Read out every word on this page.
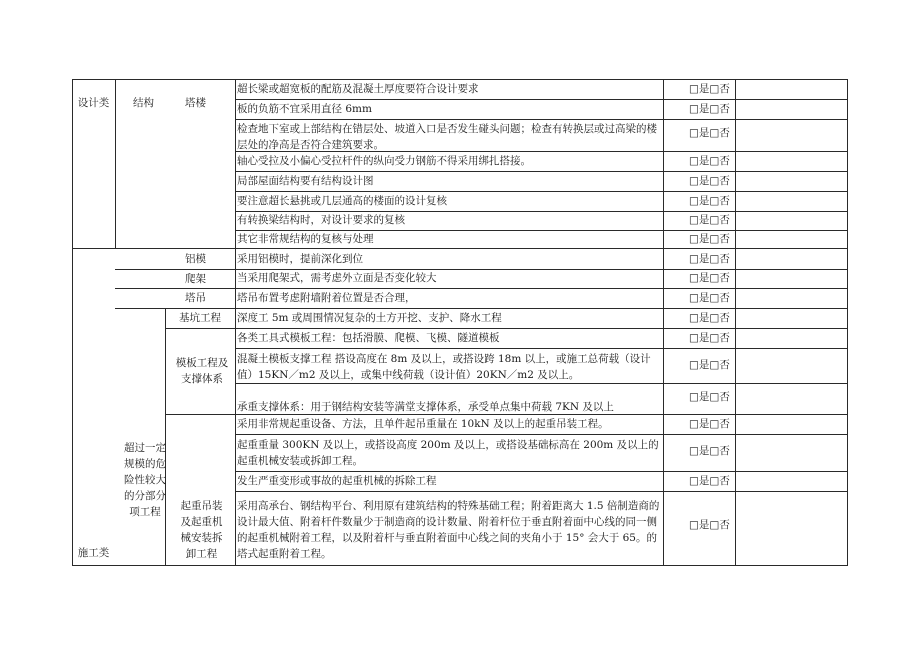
设计类	结构	塔楼
铝模
爬架
塔吊
基坑工程
模板工程及支撑体系
起重吊装及起重机械安装拆卸工程
超过一定规模的危险性较大的分部分项工程
施工类
超长梁或超宽板的配筋及混凝土厚度要符合设计要求
板的负筋不宜采用直径 6mm
检查地下室或上部结构在错层处、坡道入口是否发生碰头问题；检查有转换层或过高梁的楼层处的净高是否符合建筑要求。
轴心受拉及小偏心受拉杆件的纵向受力钢筋不得采用绑扎搭接。
局部屋面结构要有结构设计图
要注意超长悬挑或几层通高的楼面的设计复核
有转换梁结构时，对设计要求的复核
其它非常规结构的复核与处理
采用铝模时，提前深化到位
当采用爬架式，需考虑外立面是否变化较大
塔吊布置考虑附墙附着位置是否合理，
深度工 5m 或周围情况复杂的土方开挖、支护、降水工程
各类工具式模板工程：包括滑膜、爬模、飞模、隧道模板
混凝土模板支撑工程 搭设高度在 8m 及以上，或搭设跨 18m 以上，或施工总荷载（设计值）15KN／m2 及以上，或集中线荷载（设计值）20KN／m2 及以上。
承重支撑体系：用于钢结构安装等满堂支撑体系，承受单点集中荷载 7KN 及以上
采用非常规起重设备、方法，且单件起吊重量在 10kN 及以上的起重吊装工程。
起重重量 300KN 及以上，或搭设高度 200m 及以上，或搭设基础标高在 200m 及以上的起重机械安装或拆卸工程。
发生严重变形或事故的起重机械的拆除工程
采用高承台、钢结构平台、利用原有建筑结构的特殊基础工程；附着距离大 1.5 倍制造商的设计最大值、附着杆件数量少于制造商的设计数量、附着杆位于垂直附着面中心线的同一侧的起重机械附着工程，以及附着杆与垂直附着面中心线之间的夹角小于 15° 会大于 65。的塔式起重附着工程。
□是□否
□是□否
□是□否
□是□否
□是□否
□是□否
□是□否
□是□否
□是□否
□是□否
□是□否
□是□否
□是□否
□是□否
□是□否
□是□否
□是□否
□是□否
□是□否
